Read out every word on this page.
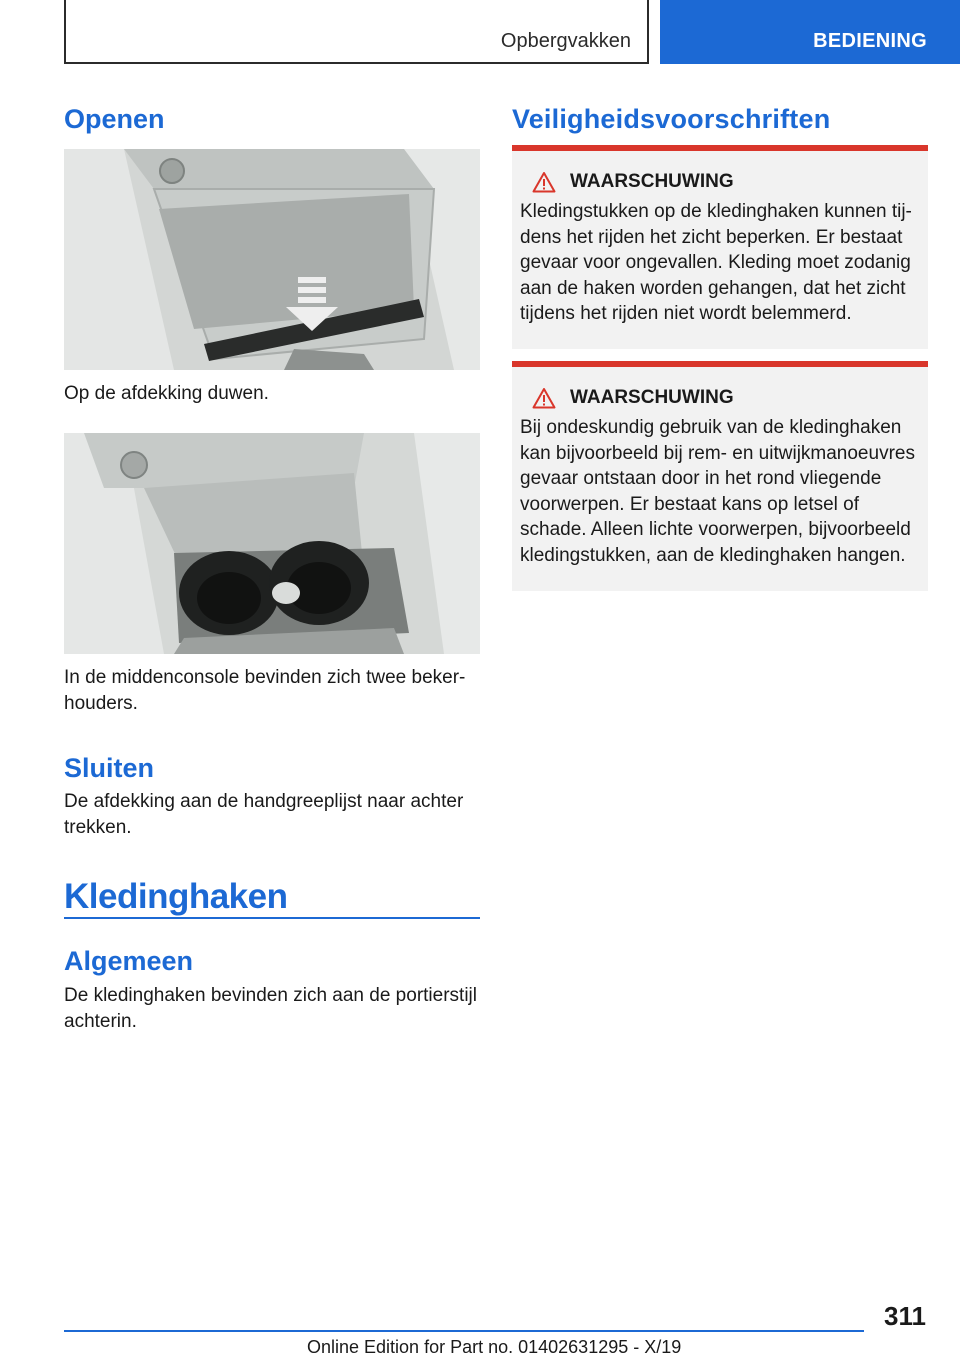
Opbergvakken	BEDIENING
Openen

Op de afdekking duwen.

In de middenconsole bevinden zich twee beker-
houders.

Sluiten

De afdekking aan de handgreeplijst naar achter
trekken.

Kledinghaken
Algemeen

De kledinghaken bevinden zich aan de portierstijl
achterin.

Veiligheidsvoorschriften
WAARSCHUWING
Kledingstukken op de kledinghaken kunnen tij-
dens het rijden het zicht beperken. Er bestaat
gevaar voor ongevallen. Kleding moet zodanig
aan de haken worden gehangen, dat het zicht
tijdens het rijden niet wordt belemmerd.
WAARSCHUWING
Bij ondeskundig gebruik van de kledinghaken
kan bijvoorbeeld bij rem- en uitwijkmanoeuvres
gevaar ontstaan door in het rond vliegende
voorwerpen. Er bestaat kans op letsel of
schade. Alleen lichte voorwerpen, bijvoorbeeld
kledingstukken, aan de kledinghaken hangen.
311
Online Edition for Part no. 01402631295 - X/19
